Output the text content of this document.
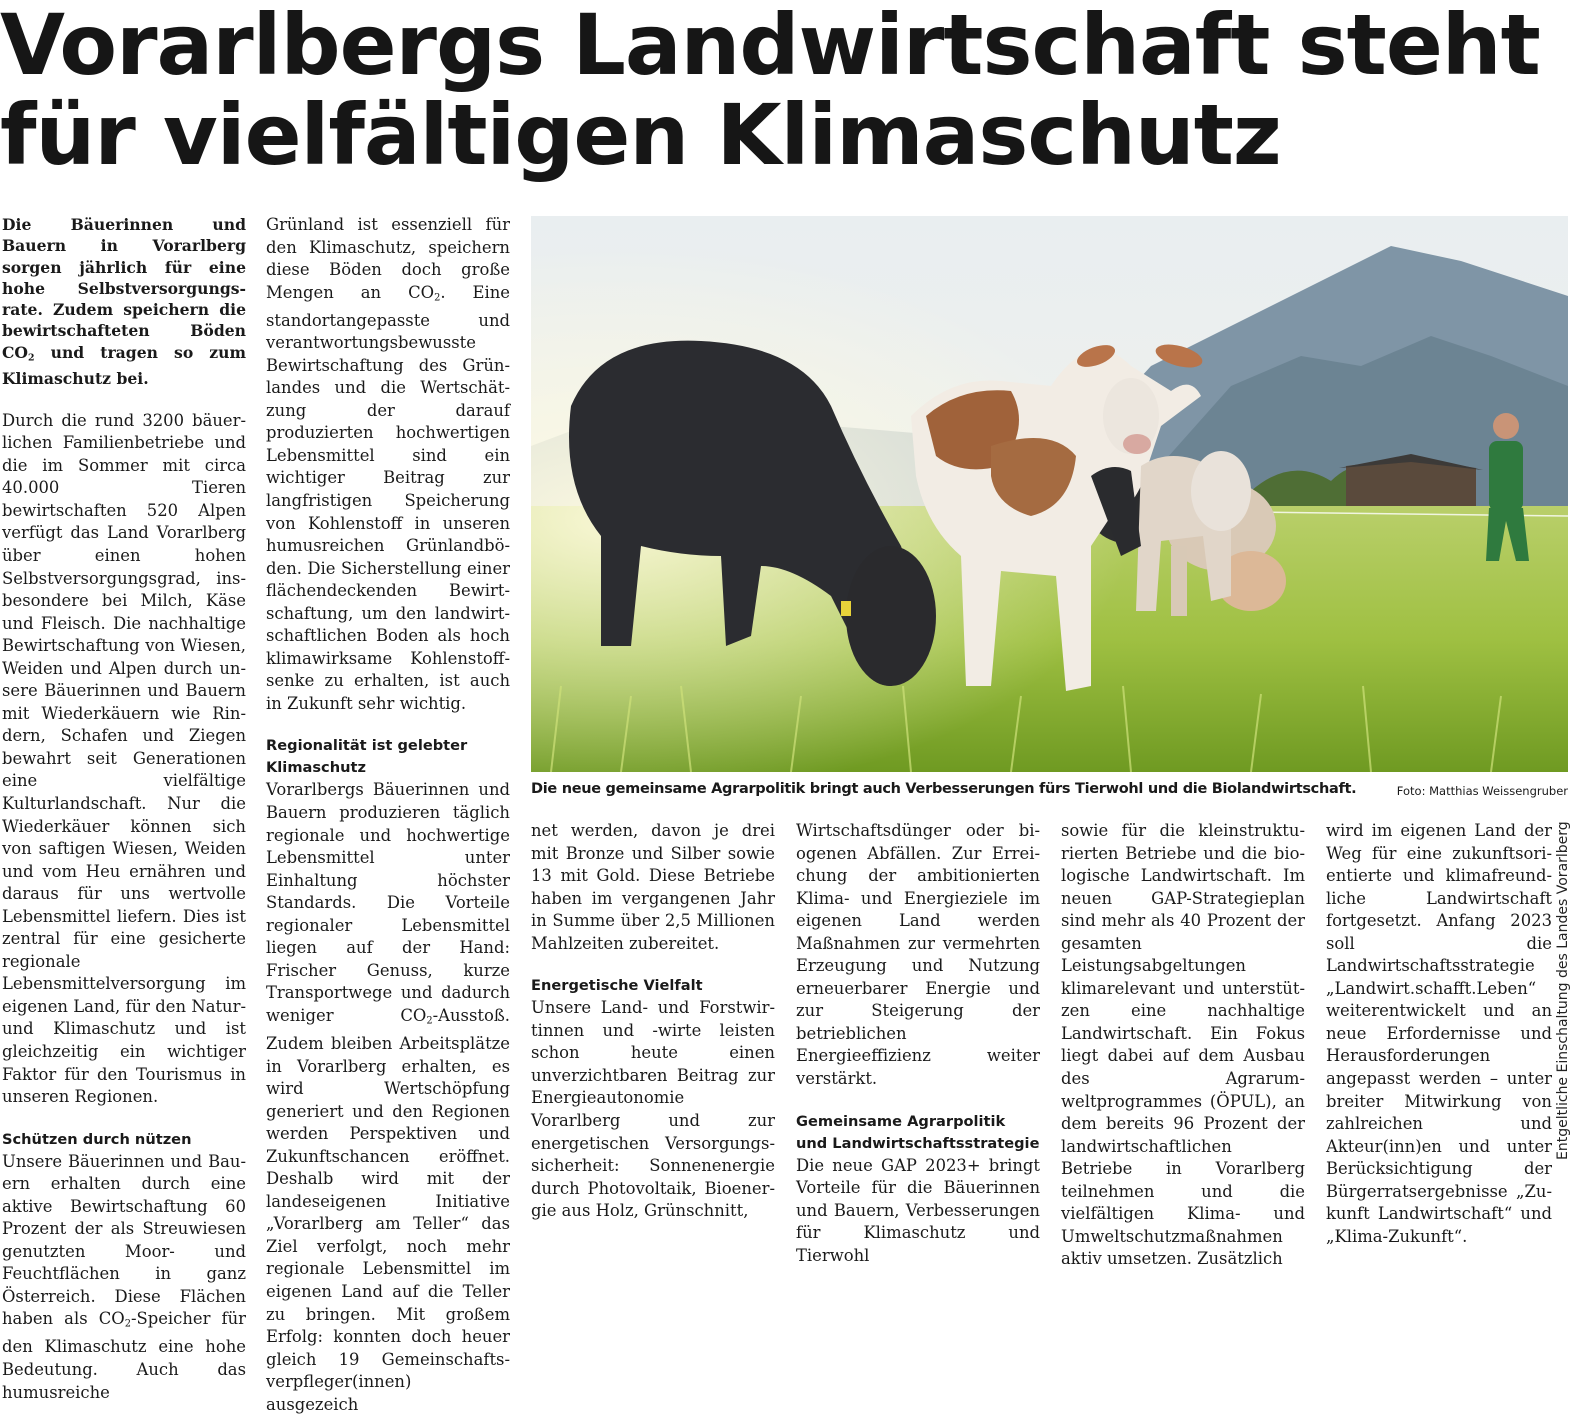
Vorarlbergs Landwirtschaft steht
für vielfältigen Klimaschutz

Die Bäuerinnen und Bauern in Vorarlberg sorgen jährlich für eine hohe Selbstversorgungsrate. Zudem speichern die bewirtschafteten Böden $CO_2$ und tragen so zum Klimaschutz bei.

Durch die rund 3200 bäuerlichen Familienbetriebe und die im Sommer mit circa 40.000 Tieren bewirtschaften 520 Alpen verfügt das Land Vorarlberg über einen hohen Selbstversorgungsgrad, insbesondere bei Milch, Käse und Fleisch. Die nachhaltige Bewirtschaftung von Wiesen, Weiden und Alpen durch unsere Bäuerinnen und Bauern mit Wiederkäuern wie Rindern, Schafen und Ziegen bewahrt seit Generationen eine vielfältige Kulturlandschaft. Nur die Wiederkäuer können sich von saftigen Wiesen, Weiden und vom Heu ernähren und daraus für uns wertvolle Lebensmittel liefern. Dies ist zentral für eine gesicherte regionale Lebensmittelversorgung im eigenen Land, für den Natur- und Klimaschutz und ist gleichzeitig ein wichtiger Faktor für den Tourismus in unseren Regionen.

Schützen durch nützen

Unsere Bäuerinnen und Bauern erhalten durch eine aktive Bewirtschaftung 60 Prozent der als Streuwiesen genutzten Moor- und Feuchtflächen in ganz Österreich. Diese Flächen haben als $CO_2$-Speicher für den Klimaschutz eine hohe Bedeutung. Auch das humusreiche

Grünland ist essenziell für den Klimaschutz, speichern diese Böden doch große Mengen an $CO_2$. Eine standortangepasste und verantwortungsbewusste Bewirtschaftung des Grünlandes und die Wertschätzung der darauf produzierten hochwertigen Lebensmittel sind ein wichtiger Beitrag zur langfristigen Speicherung von Kohlenstoff in unseren humusreichen Grünlandböden. Die Sicherstellung einer flächendeckenden Bewirtschaftung, um den landwirtschaftlichen Boden als hoch klimawirksame Kohlenstoffsenke zu erhalten, ist auch in Zukunft sehr wichtig.

Regionalität ist gelebter Klimaschutz

Vorarlbergs Bäuerinnen und Bauern produzieren täglich regionale und hochwertige Lebensmittel unter Einhaltung höchster Standards. Die Vorteile regionaler Lebensmittel liegen auf der Hand: Frischer Genuss, kurze Transportwege und dadurch weniger $CO_2$-Ausstoß. Zudem bleiben Arbeitsplätze in Vorarlberg erhalten, es wird Wertschöpfung generiert und den Regionen werden Perspektiven und Zukunftschancen eröffnet. Deshalb wird mit der landeseigenen Initiative „Vorarlberg am Teller“ das Ziel verfolgt, noch mehr regionale Lebensmittel im eigenen Land auf die Teller zu bringen. Mit großem Erfolg: konnten doch heuer gleich 19 Gemeinschaftsverpfleger(innen) ausgezeich

Die neue gemeinsame Agrarpolitik bringt auch Verbesserungen fürs Tierwohl und die Biolandwirtschaft.	Foto: Matthias Weissengruber

net werden, davon je drei mit Bronze und Silber sowie 13 mit Gold. Diese Betriebe haben im vergangenen Jahr in Summe über 2,5 Millionen Mahlzeiten zubereitet.

Energetische Vielfalt

Unsere Land- und Forstwirtinnen und -wirte leisten schon heute einen unverzichtbaren Beitrag zur Energieautonomie Vorarlberg und zur energetischen Versorgungssicherheit: Sonnenenergie durch Photovoltaik, Bioenergie aus Holz, Grünschnitt,

Wirtschaftsdünger oder biogenen Abfällen. Zur Erreichung der ambitionierten Klima- und Energieziele im eigenen Land werden Maßnahmen zur vermehrten Erzeugung und Nutzung erneuerbarer Energie und zur Steigerung der betrieblichen Energieeffizienz weiter verstärkt.

Gemeinsame Agrarpolitik und Landwirtschaftsstrategie

Die neue GAP 2023+ bringt Vorteile für die Bäuerinnen und Bauern, Verbesserungen für Klimaschutz und Tierwohl

sowie für die kleinstrukturierten Betriebe und die biologische Landwirtschaft. Im neuen GAP-Strategieplan sind mehr als 40 Prozent der gesamten Leistungsabgeltungen klimarelevant und unterstützen eine nachhaltige Landwirtschaft. Ein Fokus liegt dabei auf dem Ausbau des Agrarumweltprogrammes (ÖPUL), an dem bereits 96 Prozent der landwirtschaftlichen Betriebe in Vorarlberg teilnehmen und die vielfältigen Klima- und Umweltschutzmaßnahmen aktiv umsetzen. Zusätzlich

wird im eigenen Land der Weg für eine zukunftsorientierte und klimafreundliche Landwirtschaft fortgesetzt. Anfang 2023 soll die Landwirtschaftsstrategie „Landwirt.schafft.Leben“ weiterentwickelt und an neue Erfordernisse und Herausforderungen angepasst werden – unter breiter Mitwirkung von zahlreichen und Akteur(inn)en und unter Berücksichtigung der Bürgerratsergebnisse „Zukunft Landwirtschaft“ und „Klima-Zukunft“.

Entgeltliche Einschaltung des Landes Vorarlberg
